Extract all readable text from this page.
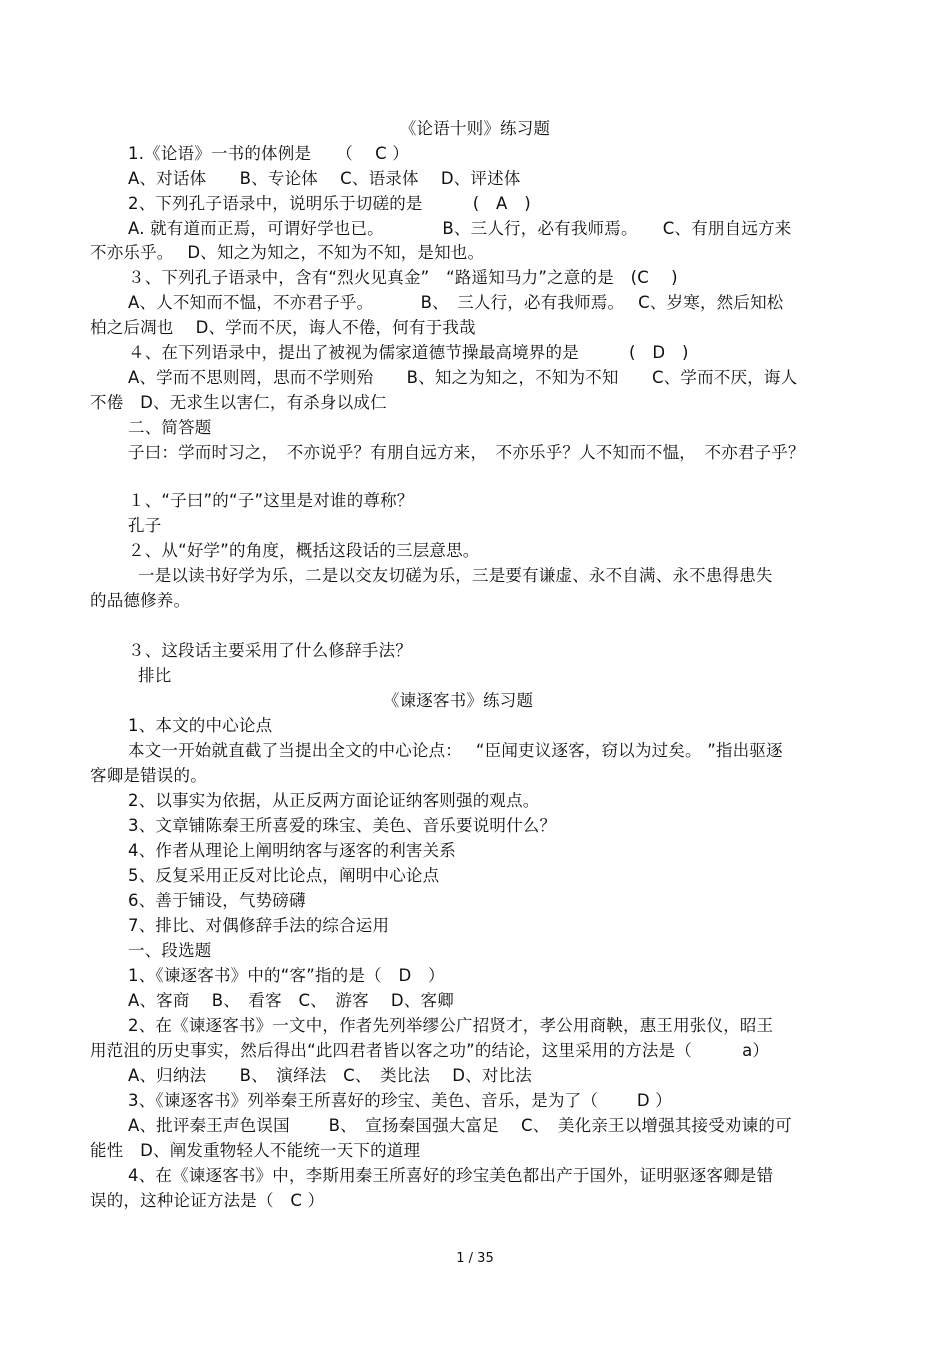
《论语十则》练习题
1.《论语》一书的体例是　　（　 C ）
A、对话体　　B、专论体　 C、语录体　 D、评述体
2、下列孔子语录中，说明乐于切磋的是　　　(　A　)
A. 就有道而正焉，可谓好学也已。　　　　B、三人行，必有我师焉。　　C、有朋自远方来
不亦乐乎。　 D、知之为知之，不知为不知，是知也。
３、下列孔子语录中，含有“烈火见真金”　“路遥知马力”之意的是　(C　 )
A、人不知而不愠，不亦君子乎。　　　 B、　三人行，必有我师焉。　 C、岁寒，然后知松
柏之后凋也　 D、学而不厌，诲人不倦，何有于我哉
４、在下列语录中，提出了被视为儒家道德节操最高境界的是　　　(　D　)
A、学而不思则罔，思而不学则殆　　B、知之为知之，不知为不知　　C、学而不厌，诲人
不倦　D、无求生以害仁，有杀身以成仁
二、简答题
子曰：学而时习之，　不亦说乎？有朋自远方来，　不亦乐乎？人不知而不愠，　不亦君子乎？
１、“子曰”的“子”这里是对谁的尊称？
孔子
２、从“好学”的角度，概括这段话的三层意思。
一是以读书好学为乐，二是以交友切磋为乐，三是要有谦虚、永不自满、永不患得患失
的品德修养。
３、这段话主要采用了什么修辞手法？
排比
《谏逐客书》练习题
1、本文的中心论点
本文一开始就直截了当提出全文的中心论点：　 “臣闻吏议逐客，窃以为过矣。 ”指出驱逐
客卿是错误的。
2、以事实为依据，从正反两方面论证纳客则强的观点。
3、文章铺陈秦王所喜爱的珠宝、美色、音乐要说明什么？
4、作者从理论上阐明纳客与逐客的利害关系
5、反复采用正反对比论点，阐明中心论点
6、善于铺设，气势磅礴
7、排比、对偶修辞手法的综合运用
一、段选题
1、《谏逐客书》中的“客”指的是（　D　）
A、客商　 B、　看客　C、　游客　 D、客卿
2、在《谏逐客书》一文中，作者先列举缪公广招贤才，孝公用商鞅，惠王用张仪，昭王
用范沮的历史事实，然后得出“此四君者皆以客之功”的结论，这里采用的方法是（　　　a）
A、归纳法　　B、　演绎法　C、　类比法　 D、对比法
3、《谏逐客书》列举秦王所喜好的珍宝、美色、音乐，是为了（　　 D ）
A、批评秦王声色误国　　 B、　宣扬秦国强大富足　 C、　美化亲王以增强其接受劝谏的可
能性　D、阐发重物轻人不能统一天下的道理
4、在《谏逐客书》中，李斯用秦王所喜好的珍宝美色都出产于国外，证明驱逐客卿是错
误的，这种论证方法是（　C ）
1 / 35
